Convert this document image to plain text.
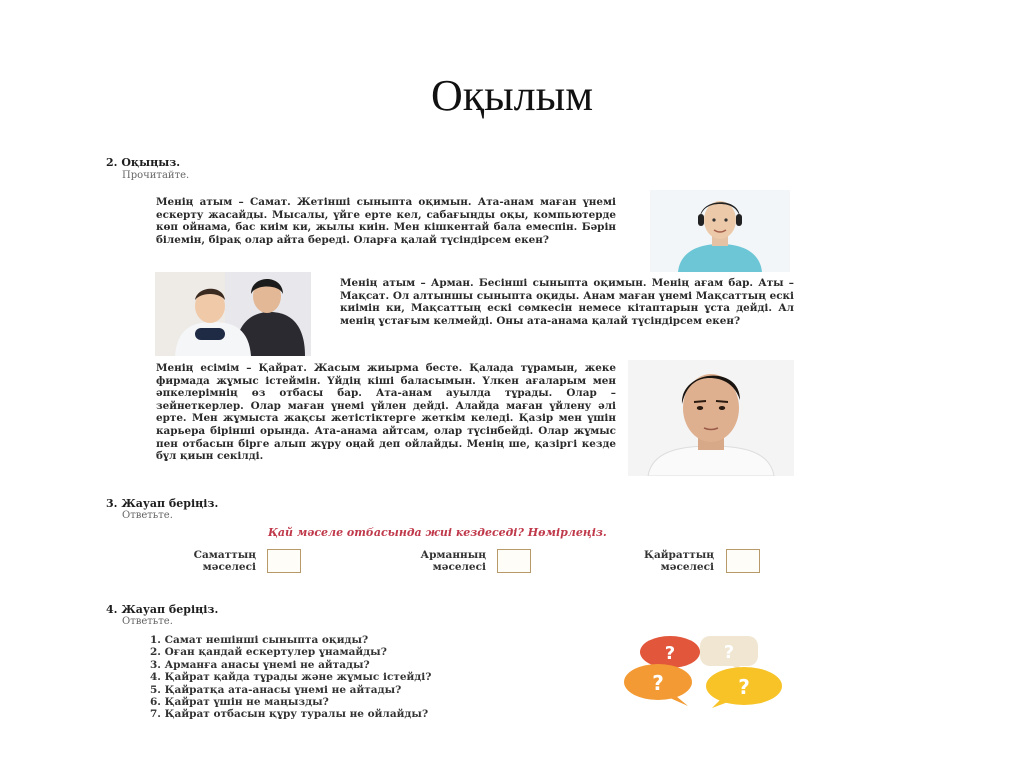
Оқылым
2. Оқыңыз.
Прочитайте.
Менің атым – Самат. Жетінші сыныпта оқимын. Ата-анам маған үнемі ескерту жасайды. Мысалы, үйге ерте кел, сабағыңды оқы, компьютерде көп ойнама, бас киім ки, жылы киін. Мен кішкентай бала емеспін. Бәрін білемін, бірақ олар айта береді. Оларға қалай түсіндірсем екен?
Менің атым – Арман. Бесінші сыныпта оқимын. Менің ағам бар. Аты – Мақсат. Ол алтыншы сыныпта оқиды. Анам маған үнемі Мақсаттың ескі киімін ки, Мақсаттың ескі сөмкесін немесе кітаптарын ұста дейді. Ал менің ұстағым келмейді. Оны ата-анама қалай түсіндірсем екен?
Менің есімім – Қайрат. Жасым жиырма бесте. Қалада тұрамын, жеке фирмада жұмыс істеймін. Үйдің кіші баласымын. Үлкен ағаларым мен әпкелерімнің өз отбасы бар. Ата-анам ауылда тұрады. Олар – зейнеткерлер. Олар маған үнемі үйлен дейді. Алайда маған үйлену әлі ерте. Мен жұмыста жақсы жетістіктерге жеткім келеді. Қазір мен үшін карьера бірінші орында. Ата-анама айтсам, олар түсінбейді. Олар жұмыс пен отбасын бірге алып жүру оңай деп ойлайды. Менің ше, қазіргі кезде бұл қиын секілді.
3. Жауап беріңіз.
Ответьте.
Қай мәселе отбасында жиі кездеседі? Нөмірлеңіз.
Саматтың
мәселесі
Арманның
мәселесі
Қайраттың
мәселесі
4. Жауап беріңіз.
Ответьте.
1. Самат нешінші сыныпта оқиды?
2. Оған қандай ескертулер ұнамайды?
3. Арманға анасы үнемі не айтады?
4. Қайрат қайда тұрады және жұмыс істейді?
5. Қайратқа ата-анасы үнемі не айтады?
6. Қайрат үшін не маңызды?
7. Қайрат отбасын құру туралы не ойлайды?
?
?
?	?
